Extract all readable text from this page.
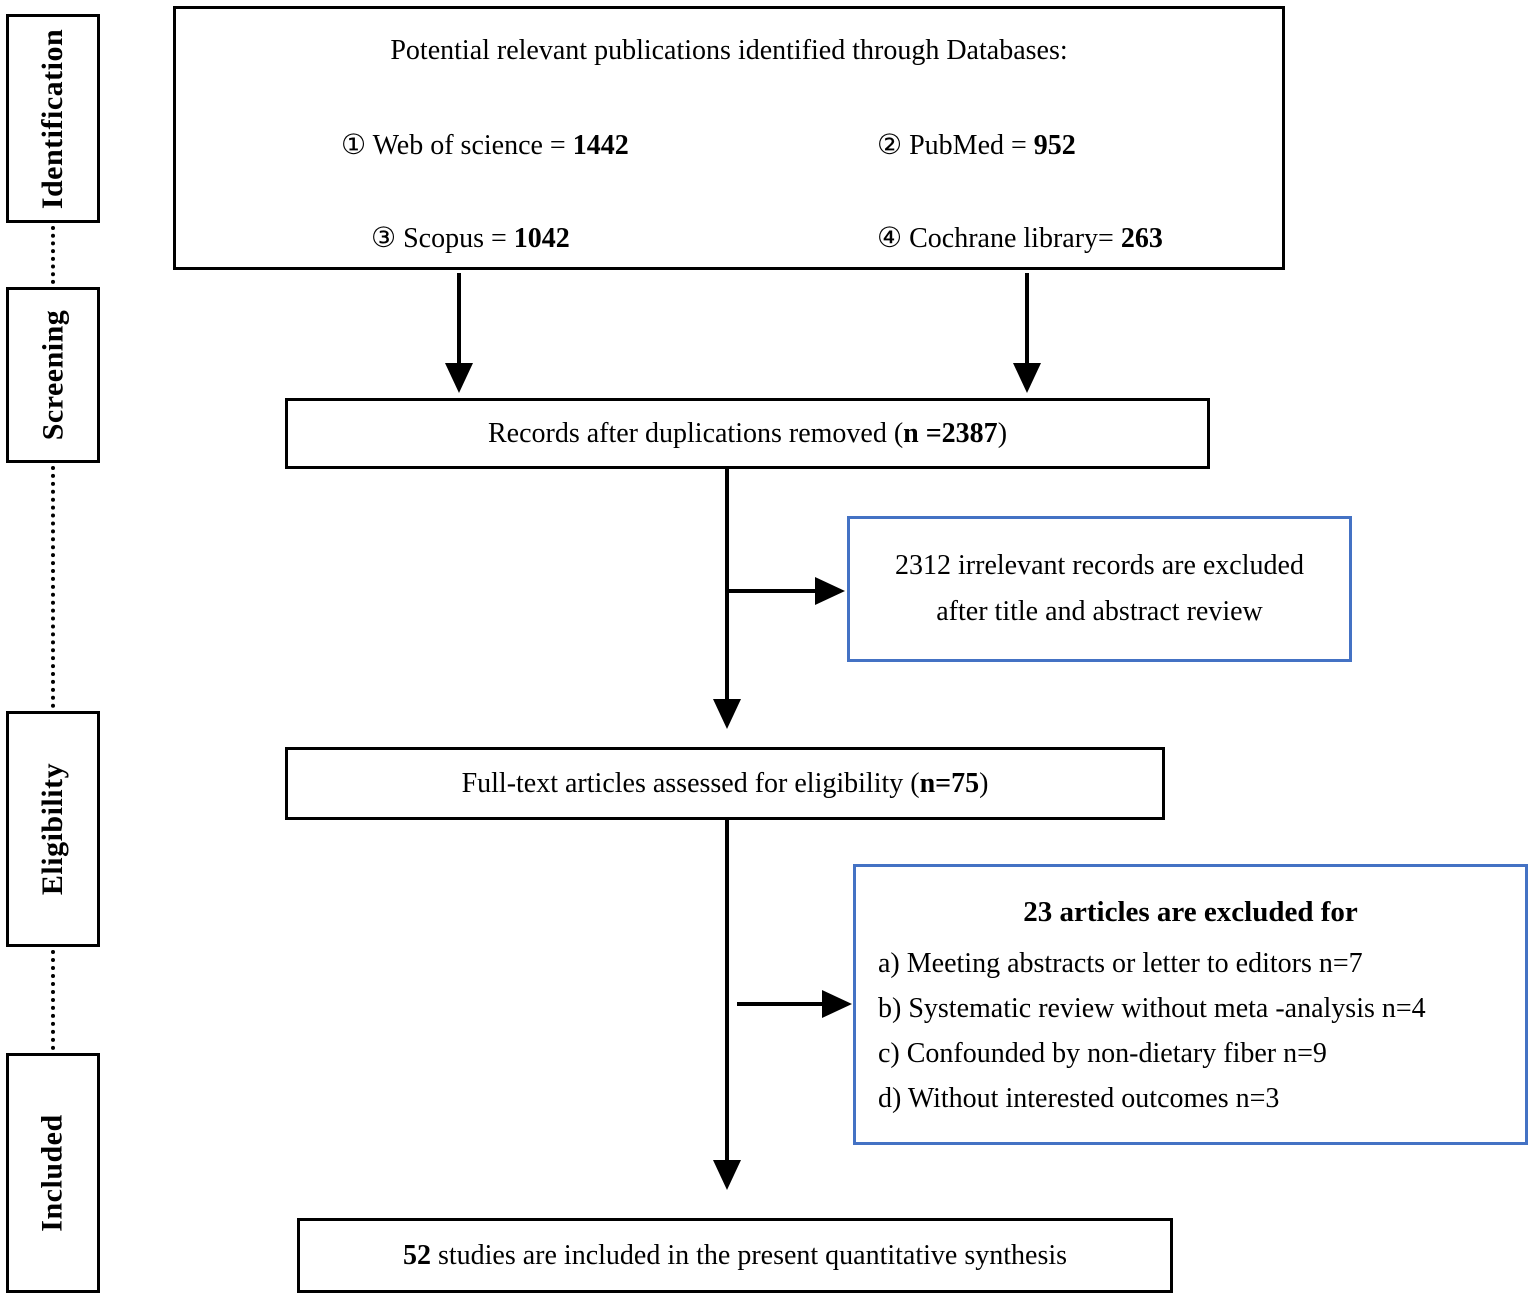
Identification
Screening
Eligibility
Included
Potential relevant publications identified through Databases:
① Web of science = 1442	② PubMed = 952
③ Scopus = 1042	④ Cochrane library= 263
Records after duplications removed (n =2387)
2312 irrelevant records are excluded
after title and abstract review
Full-text articles assessed for eligibility (n=75)
23 articles are excluded for
a) Meeting abstracts or letter to editors n=7
b) Systematic review without meta -analysis n=4
c) Confounded by non-dietary fiber n=9
d) Without interested outcomes n=3
52 studies are included in the present quantitative synthesis
